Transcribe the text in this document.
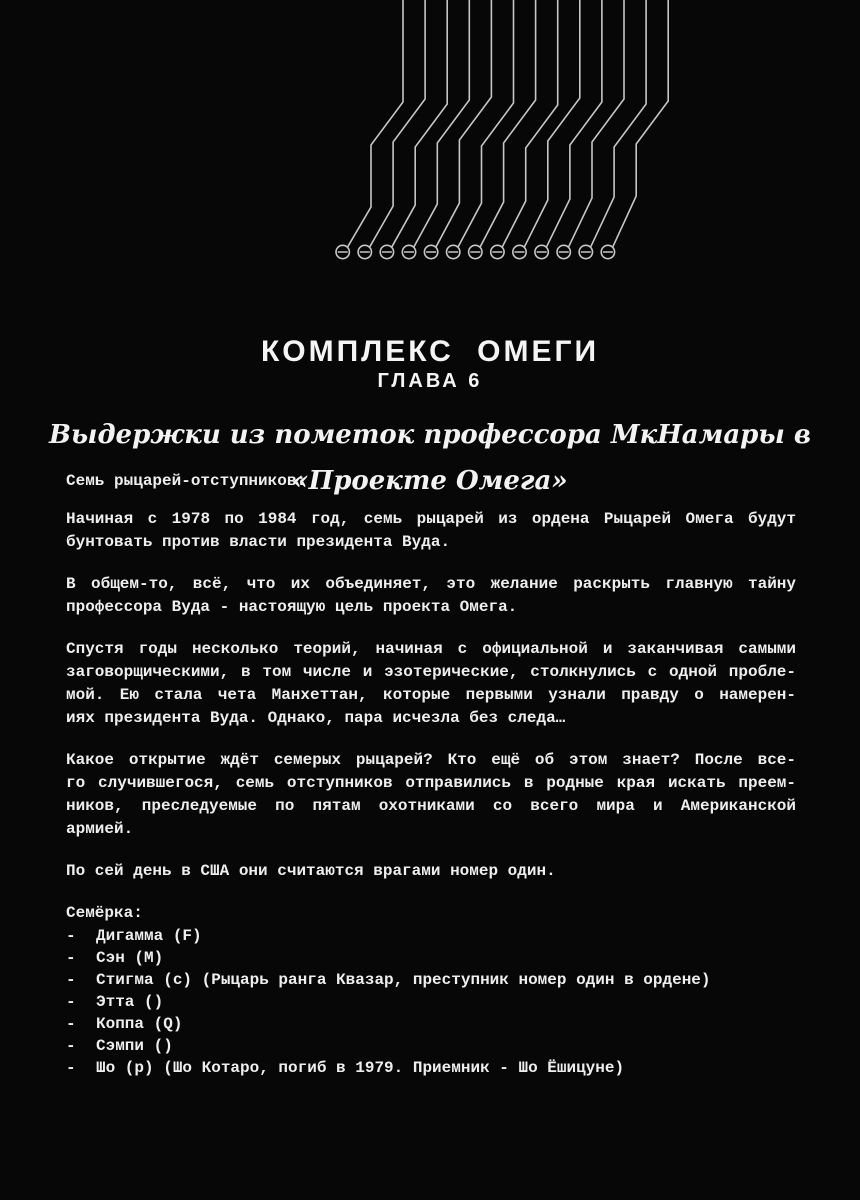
КОМПЛЕКС ОМЕГИ
ГЛАВА 6
Выдержки из пометок профессора МкНамары в «Проекте Омега»
Семь рыцарей-отступников:
Начиная с 1978 по 1984 год, семь рыцарей из ордена Рыцарей Омега будут
бунтовать против власти президента Вуда.
В общем-то, всё, что их объединяет, это желание раскрыть главную тайну
профессора Вуда - настоящую цель проекта Омега.
Спустя годы несколько теорий, начиная с официальной и заканчивая самыми
заговорщическими, в том числе и эзотерические, столкнулись с одной пробле-
мой. Ею стала чета Манхеттан, которые первыми узнали правду о намерен-
иях президента Вуда. Однако, пара исчезла без следа…
Какое открытие ждёт семерых рыцарей? Кто ещё об этом знает? После все-
го случившегося, семь отступников отправились в родные края искать преем-
ников, преследуемые по пятам охотниками со всего мира и Американской
армией.
По сей день в США они считаются врагами номер один.
Семёрка:
-	Дигамма (F)
-	Сэн (М)
-	Стигма (с) (Рыцарь ранга Квазар, преступник номер один в ордене)
-	Этта ()
-	Коппа (Q)
-	Сэмпи ()
-	Шо (р) (Шо Котаро, погиб в 1979. Приемник - Шо Ёшицуне)
